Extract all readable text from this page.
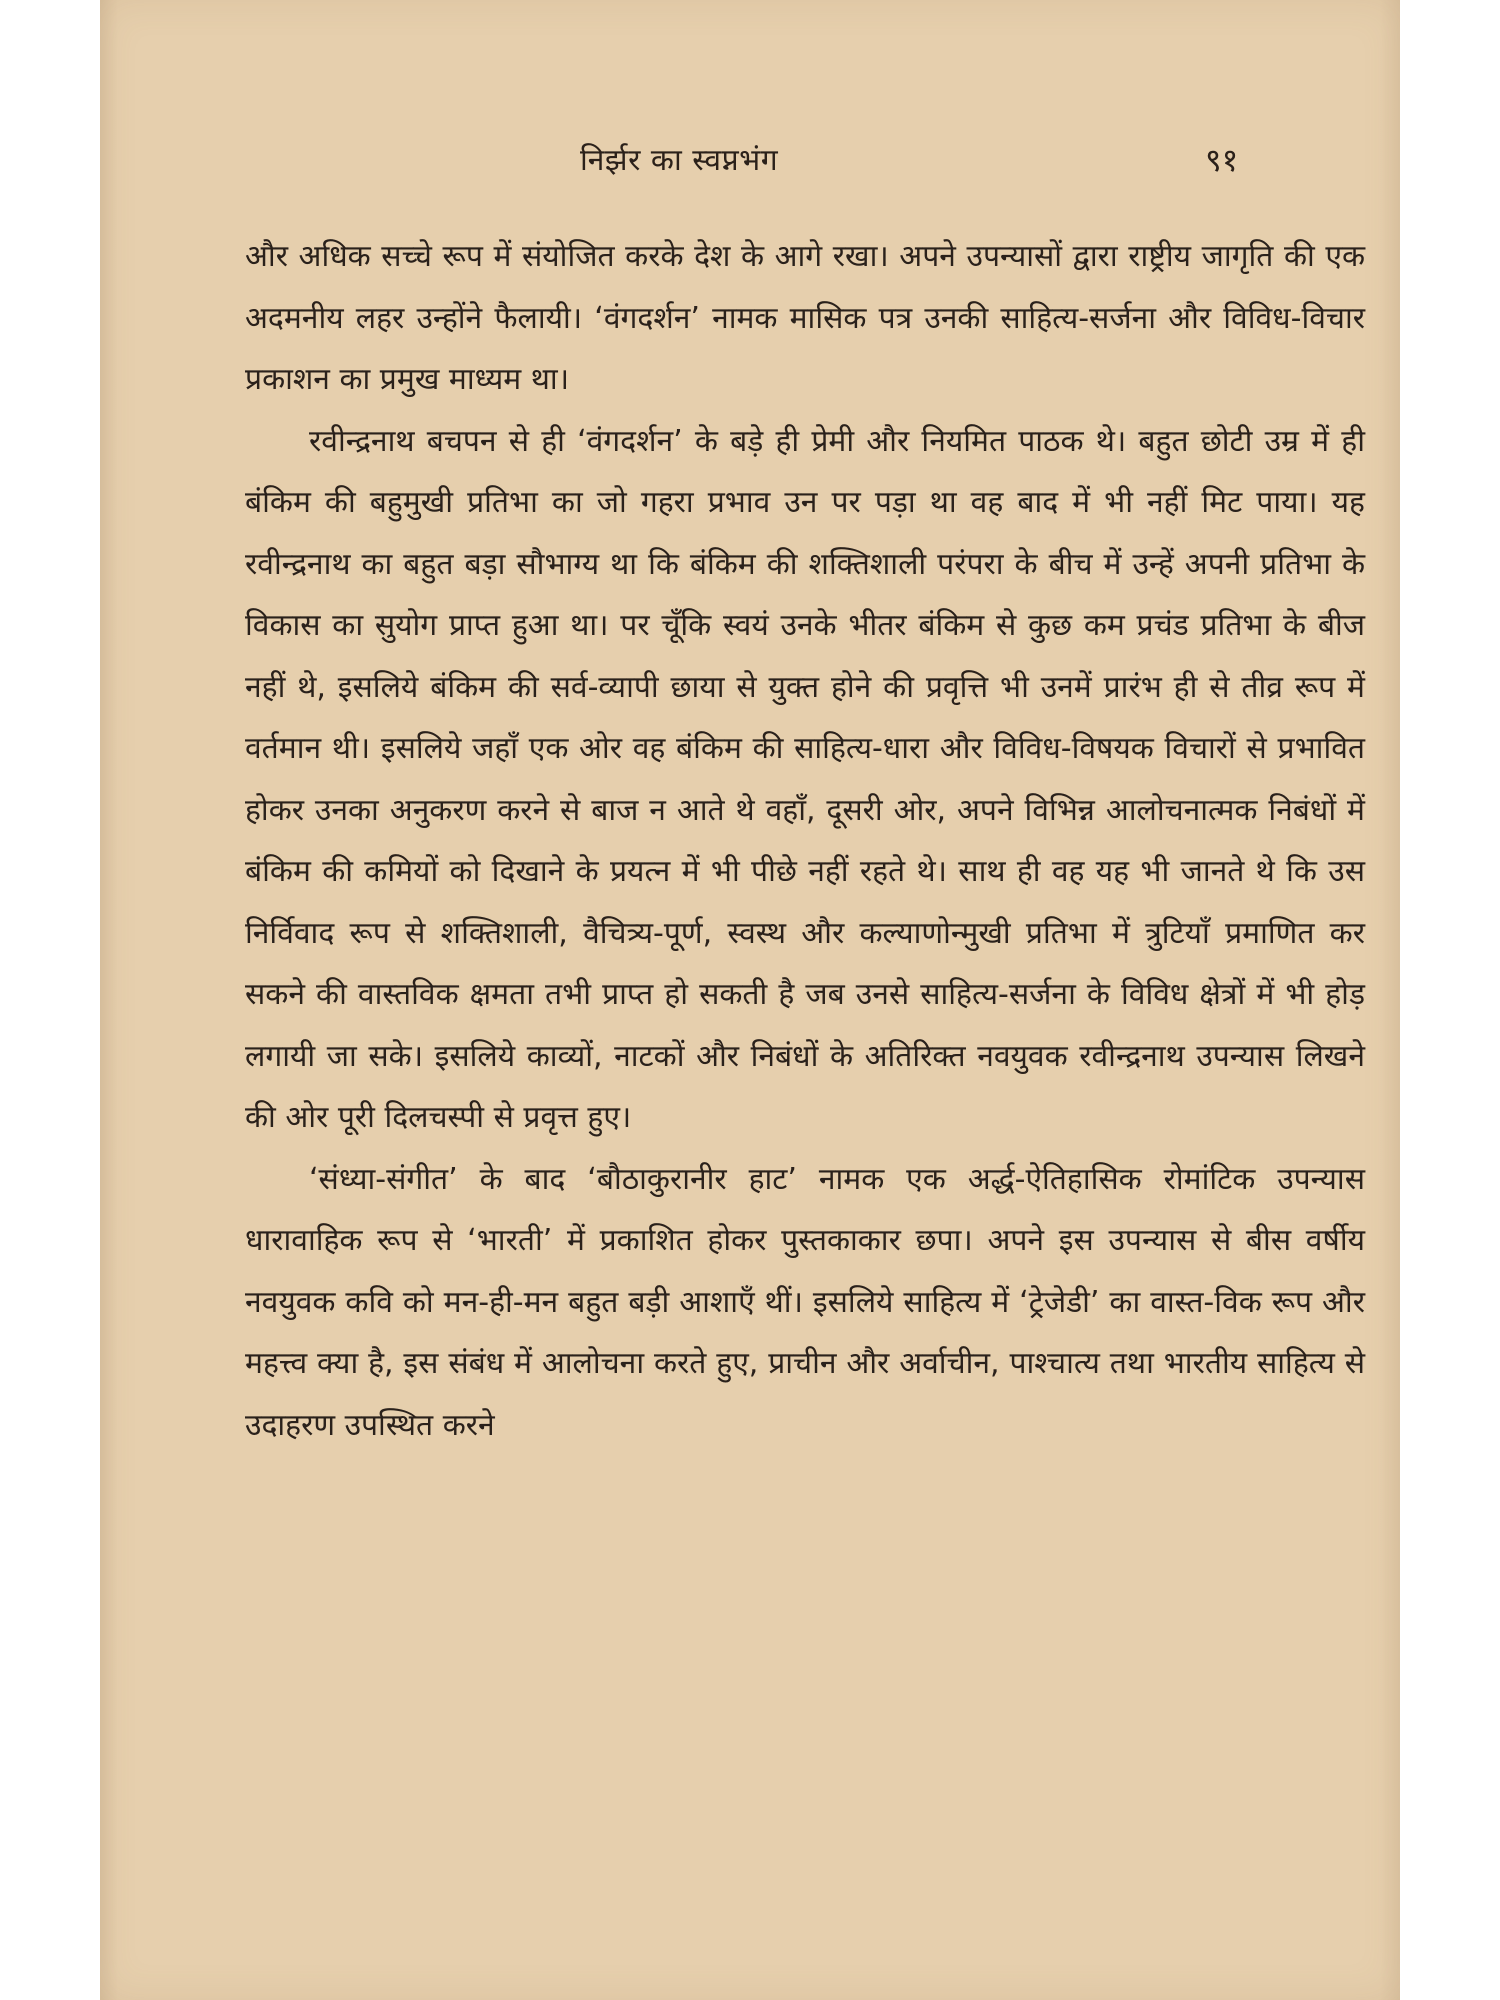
निर्झर का स्वप्नभंग	९१

और अधिक सच्चे रूप में संयोजित करके देश के आगे रखा। अपने उपन्यासों द्वारा राष्ट्रीय जागृति की एक अदमनीय लहर उन्होंने फैलायी। ‘वंगदर्शन’ नामक मासिक पत्र उनकी साहित्य-सर्जना और विविध-विचार प्रकाशन का प्रमुख माध्यम था।

रवीन्द्रनाथ बचपन से ही ‘वंगदर्शन’ के बड़े ही प्रेमी और नियमित पाठक थे। बहुत छोटी उम्र में ही बंकिम की बहुमुखी प्रतिभा का जो गहरा प्रभाव उन पर पड़ा था वह बाद में भी नहीं मिट पाया। यह रवीन्द्रनाथ का बहुत बड़ा सौभाग्य था कि बंकिम की शक्तिशाली परंपरा के बीच में उन्हें अपनी प्रतिभा के विकास का सुयोग प्राप्त हुआ था। पर चूँकि स्वयं उनके भीतर बंकिम से कुछ कम प्रचंड प्रतिभा के बीज नहीं थे, इसलिये बंकिम की सर्व-व्यापी छाया से युक्त होने की प्रवृत्ति भी उनमें प्रारंभ ही से तीव्र रूप में वर्तमान थी। इसलिये जहाँ एक ओर वह बंकिम की साहित्य-धारा और विविध-विषयक विचारों से प्रभावित होकर उनका अनुकरण करने से बाज न आते थे वहाँ, दूसरी ओर, अपने विभिन्न आलोचनात्मक निबंधों में बंकिम की कमियों को दिखाने के प्रयत्न में भी पीछे नहीं रहते थे। साथ ही वह यह भी जानते थे कि उस निर्विवाद रूप से शक्तिशाली, वैचित्र्य-पूर्ण, स्वस्थ और कल्याणोन्मुखी प्रतिभा में त्रुटियाँ प्रमाणित कर सकने की वास्तविक क्षमता तभी प्राप्त हो सकती है जब उनसे साहित्य-सर्जना के विविध क्षेत्रों में भी होड़ लगायी जा सके। इसलिये काव्यों, नाटकों और निबंधों के अतिरिक्त नवयुवक रवीन्द्रनाथ उपन्यास लिखने की ओर पूरी दिलचस्पी से प्रवृत्त हुए।

‘संध्या-संगीत’ के बाद ‘बौठाकुरानीर हाट’ नामक एक अर्द्ध-ऐतिहासिक रोमांटिक उपन्यास धारावाहिक रूप से ‘भारती’ में प्रकाशित होकर पुस्तकाकार छपा। अपने इस उपन्यास से बीस वर्षीय नवयुवक कवि को मन-ही-मन बहुत बड़ी आशाएँ थीं। इसलिये साहित्य में ‘ट्रेजेडी’ का वास्त-विक रूप और महत्त्व क्या है, इस संबंध में आलोचना करते हुए, प्राचीन और अर्वाचीन, पाश्चात्य तथा भारतीय साहित्य से उदाहरण उपस्थित करने
